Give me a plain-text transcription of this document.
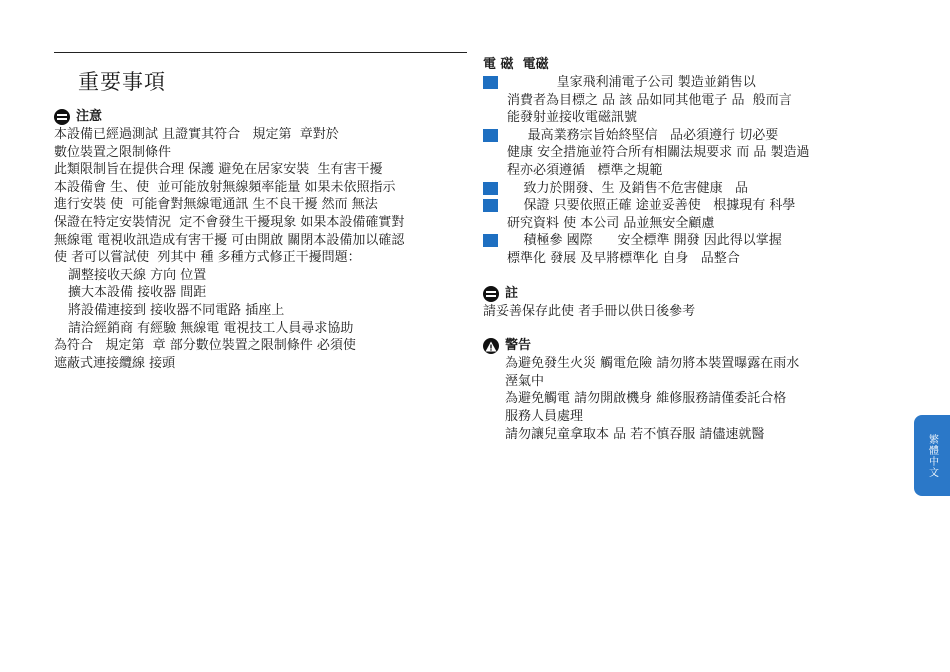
重要事項
注意
本設備已經過測試 且證實其符合   規定第  章對於
數位裝置之限制條件
此類限制旨在提供合理 保護 避免在居家安裝  生有害干擾
本設備會 生、使  並可能放射無線頻率能量 如果未依照指示
進行安裝 使  可能會對無線電通訊 生不良干擾 然而 無法
保證在特定安裝情況  定不會發生干擾現象 如果本設備確實對
無線電 電視收訊造成有害干擾 可由開啟 關閉本設備加以確認
使 者可以嘗試使  列其中 種 多種方式修正干擾問題：
調整接收天線 方向 位置
擴大本設備 接收器 間距
將設備連接到 接收器不同電路 插座上
請洽經銷商 有經驗 無線電 電視技工人員尋求協助
為符合   規定第  章 部分數位裝置之限制條件 必須使
遮蔽式連接纜線 接頭
電 磁  電磁
皇家飛利浦電子公司 製造並銷售以
消費者為目標之 品 該 品如同其他電子 品  般而言
能發射並接收電磁訊號
最高業務宗旨始終堅信   品必須遵行 切必要
健康 安全措施並符合所有相關法規要求 而 品 製造過
程亦必須遵循   標準之規範
致力於開發、生 及銷售不危害健康   品
保證 只要依照正確 途並妥善使   根據現有 科學
研究資料 使 本公司 品並無安全顧慮
積極參 國際      安全標準 開發 因此得以掌握
標準化 發展 及早將標準化 自身   品整合
註
請妥善保存此使 者手冊以供日後參考
警告
為避免發生火災 觸電危險 請勿將本裝置曝露在雨水
溼氣中
為避免觸電 請勿開啟機身 維修服務請僅委託合格
服務人員處理
請勿讓兒童拿取本 品 若不慎吞服 請儘速就醫	繁體中文
